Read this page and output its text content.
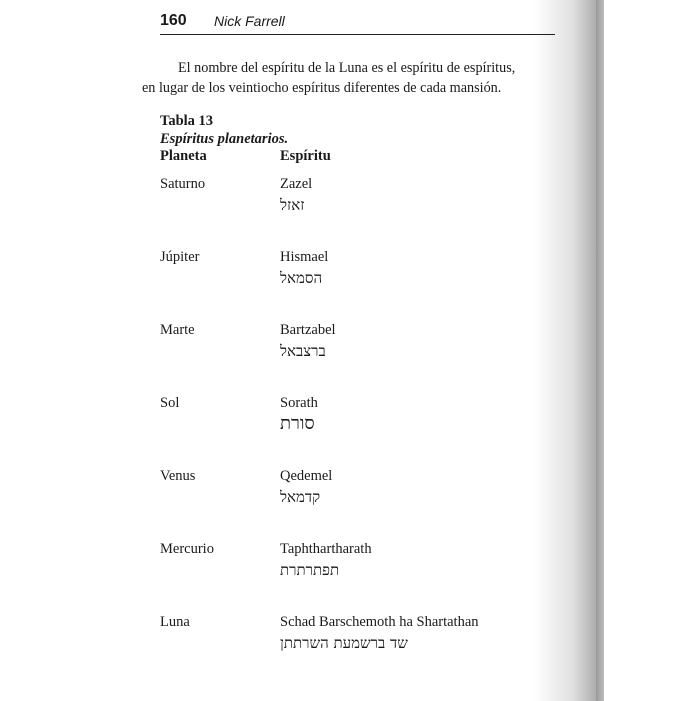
160 Nick Farrell
El nombre del espíritu de la Luna es el espíritu de espíritus,
en lugar de los veintiocho espíritus diferentes de cada mansión.
Tabla 13
Espíritus planetarios.
Planeta	Espíritu
Saturno	Zazel
זאזל
Júpiter	Hismael
הסמאל
Marte	Bartzabel
ברצבאל
Sol	Sorath
סורת
Venus	Qedemel
קדמאל
Mercurio	Taphthartharath
תפתרתרת
Luna	Schad Barschemoth ha Shartathan
שד ברשמעת השרתתן
